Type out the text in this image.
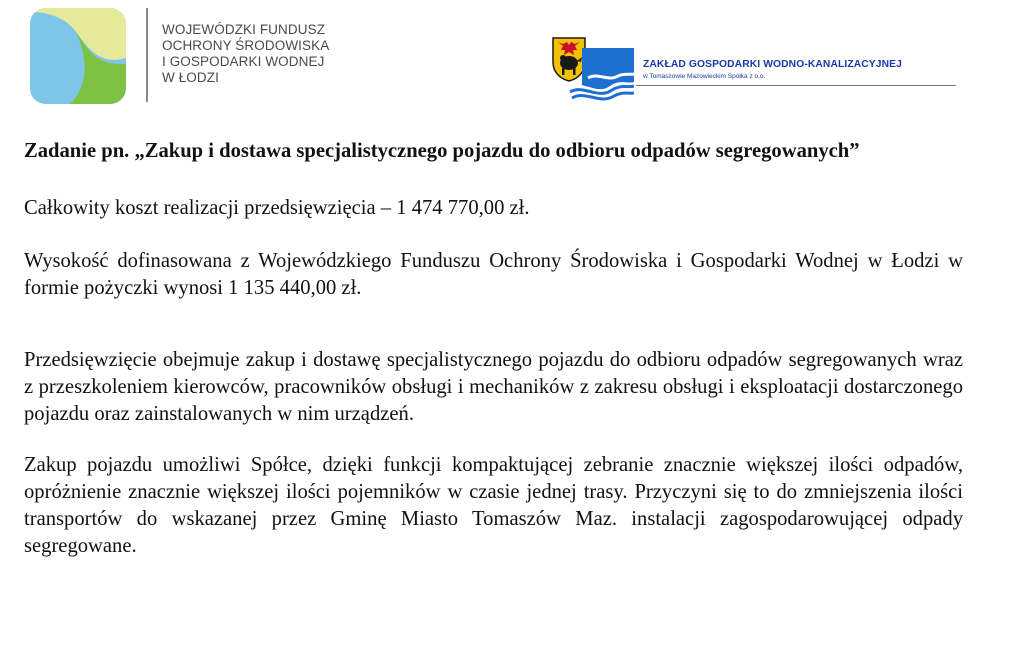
WOJEWÓDZKI FUNDUSZ
OCHRONY ŚRODOWISKA
I GOSPODARKI WODNEJ
W ŁODZI
ZAKŁAD GOSPODARKI WODNO-KANALIZACYJNEJ
w Tomaszowie Mazowieckim Spółka z o.o.

Zadanie pn. „Zakup i dostawa specjalistycznego pojazdu do odbioru odpadów segregowanych”

Całkowity koszt realizacji przedsięwzięcia – 1 474 770,00 zł.

Wysokość dofinasowana z Wojewódzkiego Funduszu Ochrony Środowiska i Gospodarki Wodnej w Łodzi w formie pożyczki wynosi 1 135 440,00 zł.

Przedsięwzięcie obejmuje zakup i dostawę specjalistycznego pojazdu do odbioru odpadów segregowanych wraz z przeszkoleniem kierowców, pracowników obsługi i mechaników z zakresu obsługi i eksploatacji dostarczonego pojazdu oraz zainstalowanych w nim urządzeń.

Zakup pojazdu umożliwi Spółce, dzięki funkcji kompaktującej zebranie znacznie większej ilości odpadów, opróżnienie znacznie większej ilości pojemników w czasie jednej trasy. Przyczyni się to do zmniejszenia ilości transportów do wskazanej przez Gminę Miasto Tomaszów Maz. instalacji zagospodarowującej odpady segregowane.
